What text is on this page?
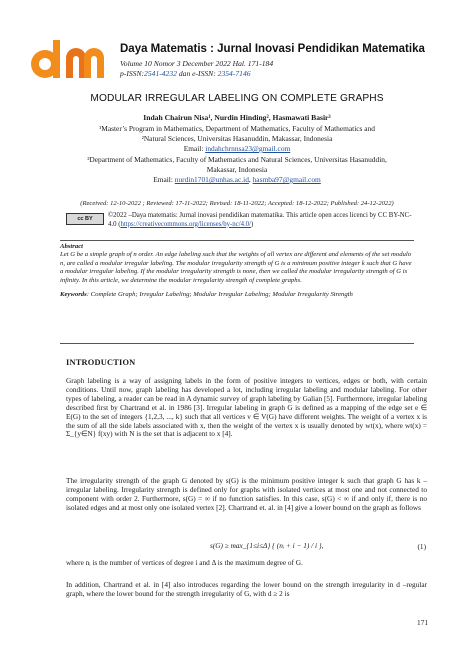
Daya Matematis : Jurnal Inovasi Pendidikan Matematika
Volume 10 Nomor 3 December 2022 Hal. 171-184
p-ISSN:2541-4232 dan e-ISSN: 2354-7146
MODULAR IRREGULAR LABELING ON COMPLETE GRAPHS
Indah Chairun Nisa¹, Nurdin Hinding², Hasmawati Basir³
¹Master’s Program in Mathematics, Department of Mathematics, Faculty of Mathematics and
²Natural Sciences, Universitas Hasanuddin, Makassar, Indonesia
Email: indahchrnnsa23@gmail.com
²Department of Mathematics, Faculty of Mathematics and Natural Sciences, Universitas Hasanuddin,
Makassar, Indonesia
Email: nurdin1701@unhas.ac.id, hasmba97@gmail.com
(Received: 12-10-2022 ; Reviewed: 17-11-2022; Revised: 18-11-2022; Accepted: 18-12-2022; Published: 24-12-2022)
cc BY ©2022 –Daya matematis: Jurnal inovasi pendidikan matematika. This article open acces licenci by CC BY-NC-4.0 (https://creativecommons.org/licenses/by-nc/4.0/)
Abstract
Let G be a simple graph of n order. An edge labeling such that the weights of all vertex are different and elements of the set modulo n, are called a modular irregular labeling. The modular irregularity strength of G is a minimum positive integer k such that G have a modular irregular labeling. If the modular irregularity strength is none, then we called the modular irregularity strength of G is infinity. In this article, we determine the modular irregularity strength of complete graphs.
Keywords: Complete Graph; Irregular Labeling; Modular Irregular Labeling; Modular Irregularity Strength
INTRODUCTION
Graph labeling is a way of assigning labels in the form of positive integers to vertices, edges or both, with certain conditions. Until now, graph labeling has developed a lot, including irregular labeling and modular labeling. For other types of labeling, a reader can be read in A dynamic survey of graph labeling by Galian [5]. Furthermore, irregular labeling described first by Chartrand et al. in 1986 [3]. Irregular labeling in graph G is defined as a mapping of the edge set e ∈ E(G) to the set of integers {1,2,3, ..., k} such that all vertices v ∈ V(G) have different weights. The weight of a vertex x is the sum of all the side labels associated with x, then the weight of the vertex x is usually denoted by wt(x), where wt(x) = Σ_{y∈N} f(xy) with N is the set that is adjacent to x [4].
The irregularity strength of the graph G denoted by s(G) is the minimum positive integer k such that graph G has k –irregular labeling. Irregularity strength is defined only for graphs with isolated vertices at most one and not connected to component with order 2. Furthermore, s(G) = ∞ if no function satisfies. In this case, s(G) < ∞ if and only if, there is no isolated edges and at most only one isolated vertex [2]. Chartrand et. al. in [4] give a lower bound on the graph as follows
s(G) ≥ max_{1≤i≤Δ} { (nᵢ + i − 1) / i },	(1)
where nᵢ is the number of vertices of degree i and Δ is the maximum degree of G.
In addition, Chartrand et al. in [4] also introduces regarding the lower bound on the strength irregularity in d –regular graph, where the lower bound for the strength irregularity of G, with d ≥ 2 is
171
